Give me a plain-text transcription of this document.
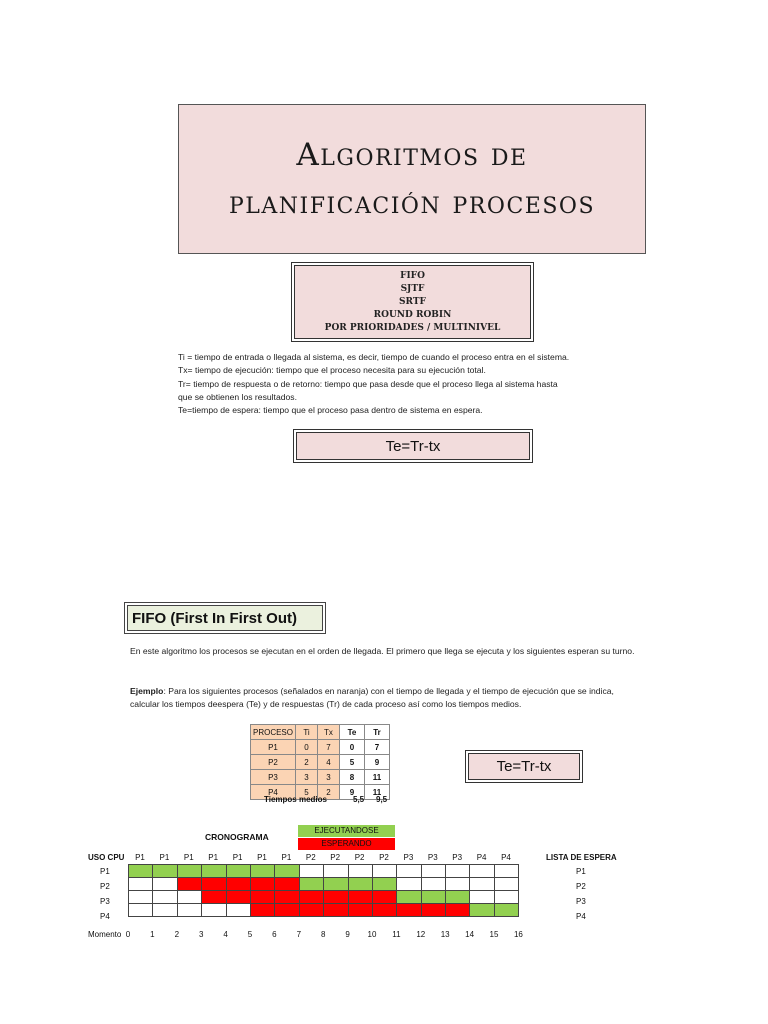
Algoritmos de
planificación procesos
FIFO
SJTF
SRTF
ROUND ROBIN
POR PRIORIDADES / MULTINIVEL
Ti = tiempo de entrada o llegada al sistema, es decir, tiempo de cuando el proceso entra en el sistema.
Tx= tiempo de ejecución: tiempo que el proceso necesita para su ejecución total.
Tr= tiempo de respuesta o de retorno: tiempo que pasa desde que el proceso llega al sistema hasta
que se obtienen los resultados.
Te=tiempo de espera: tiempo que el proceso pasa dentro de sistema en espera.
Te=Tr-tx
FIFO (First In First Out)
En este algoritmo los procesos se ejecutan en el orden de llegada. El primero que llega se ejecuta y los siguientes esperan su turno.
Ejemplo: Para los siguientes procesos (señalados en naranja) con el tiempo de llegada y el tiempo de ejecución que se indica, calcular los tiempos deespera (Te) y de respuestas (Tr) de cada proceso así como los tiempos medios.
PROCESO	Ti	Tx	Te	Tr
P1	0	7	0	7
P2	2	4	5	9
P3	3	3	8	11
P4	5	2	9	11
Tiempos medios	5,5 9,5
Te=Tr-tx
CRONOGRAMA
EJECUTANDOSE
ESPERANDO
USO CPU	LISTA DE ESPERA
P1	P1	P1	P1	P1	P1	P1	P2	P2	P2	P2	P3	P3	P3	P4	P4
P1
P2
P3
P4
P1
P2
P3
P4

Momento 0	1	2	3	4	5	6	7	8	9	10	11	12	13	14	15	16
